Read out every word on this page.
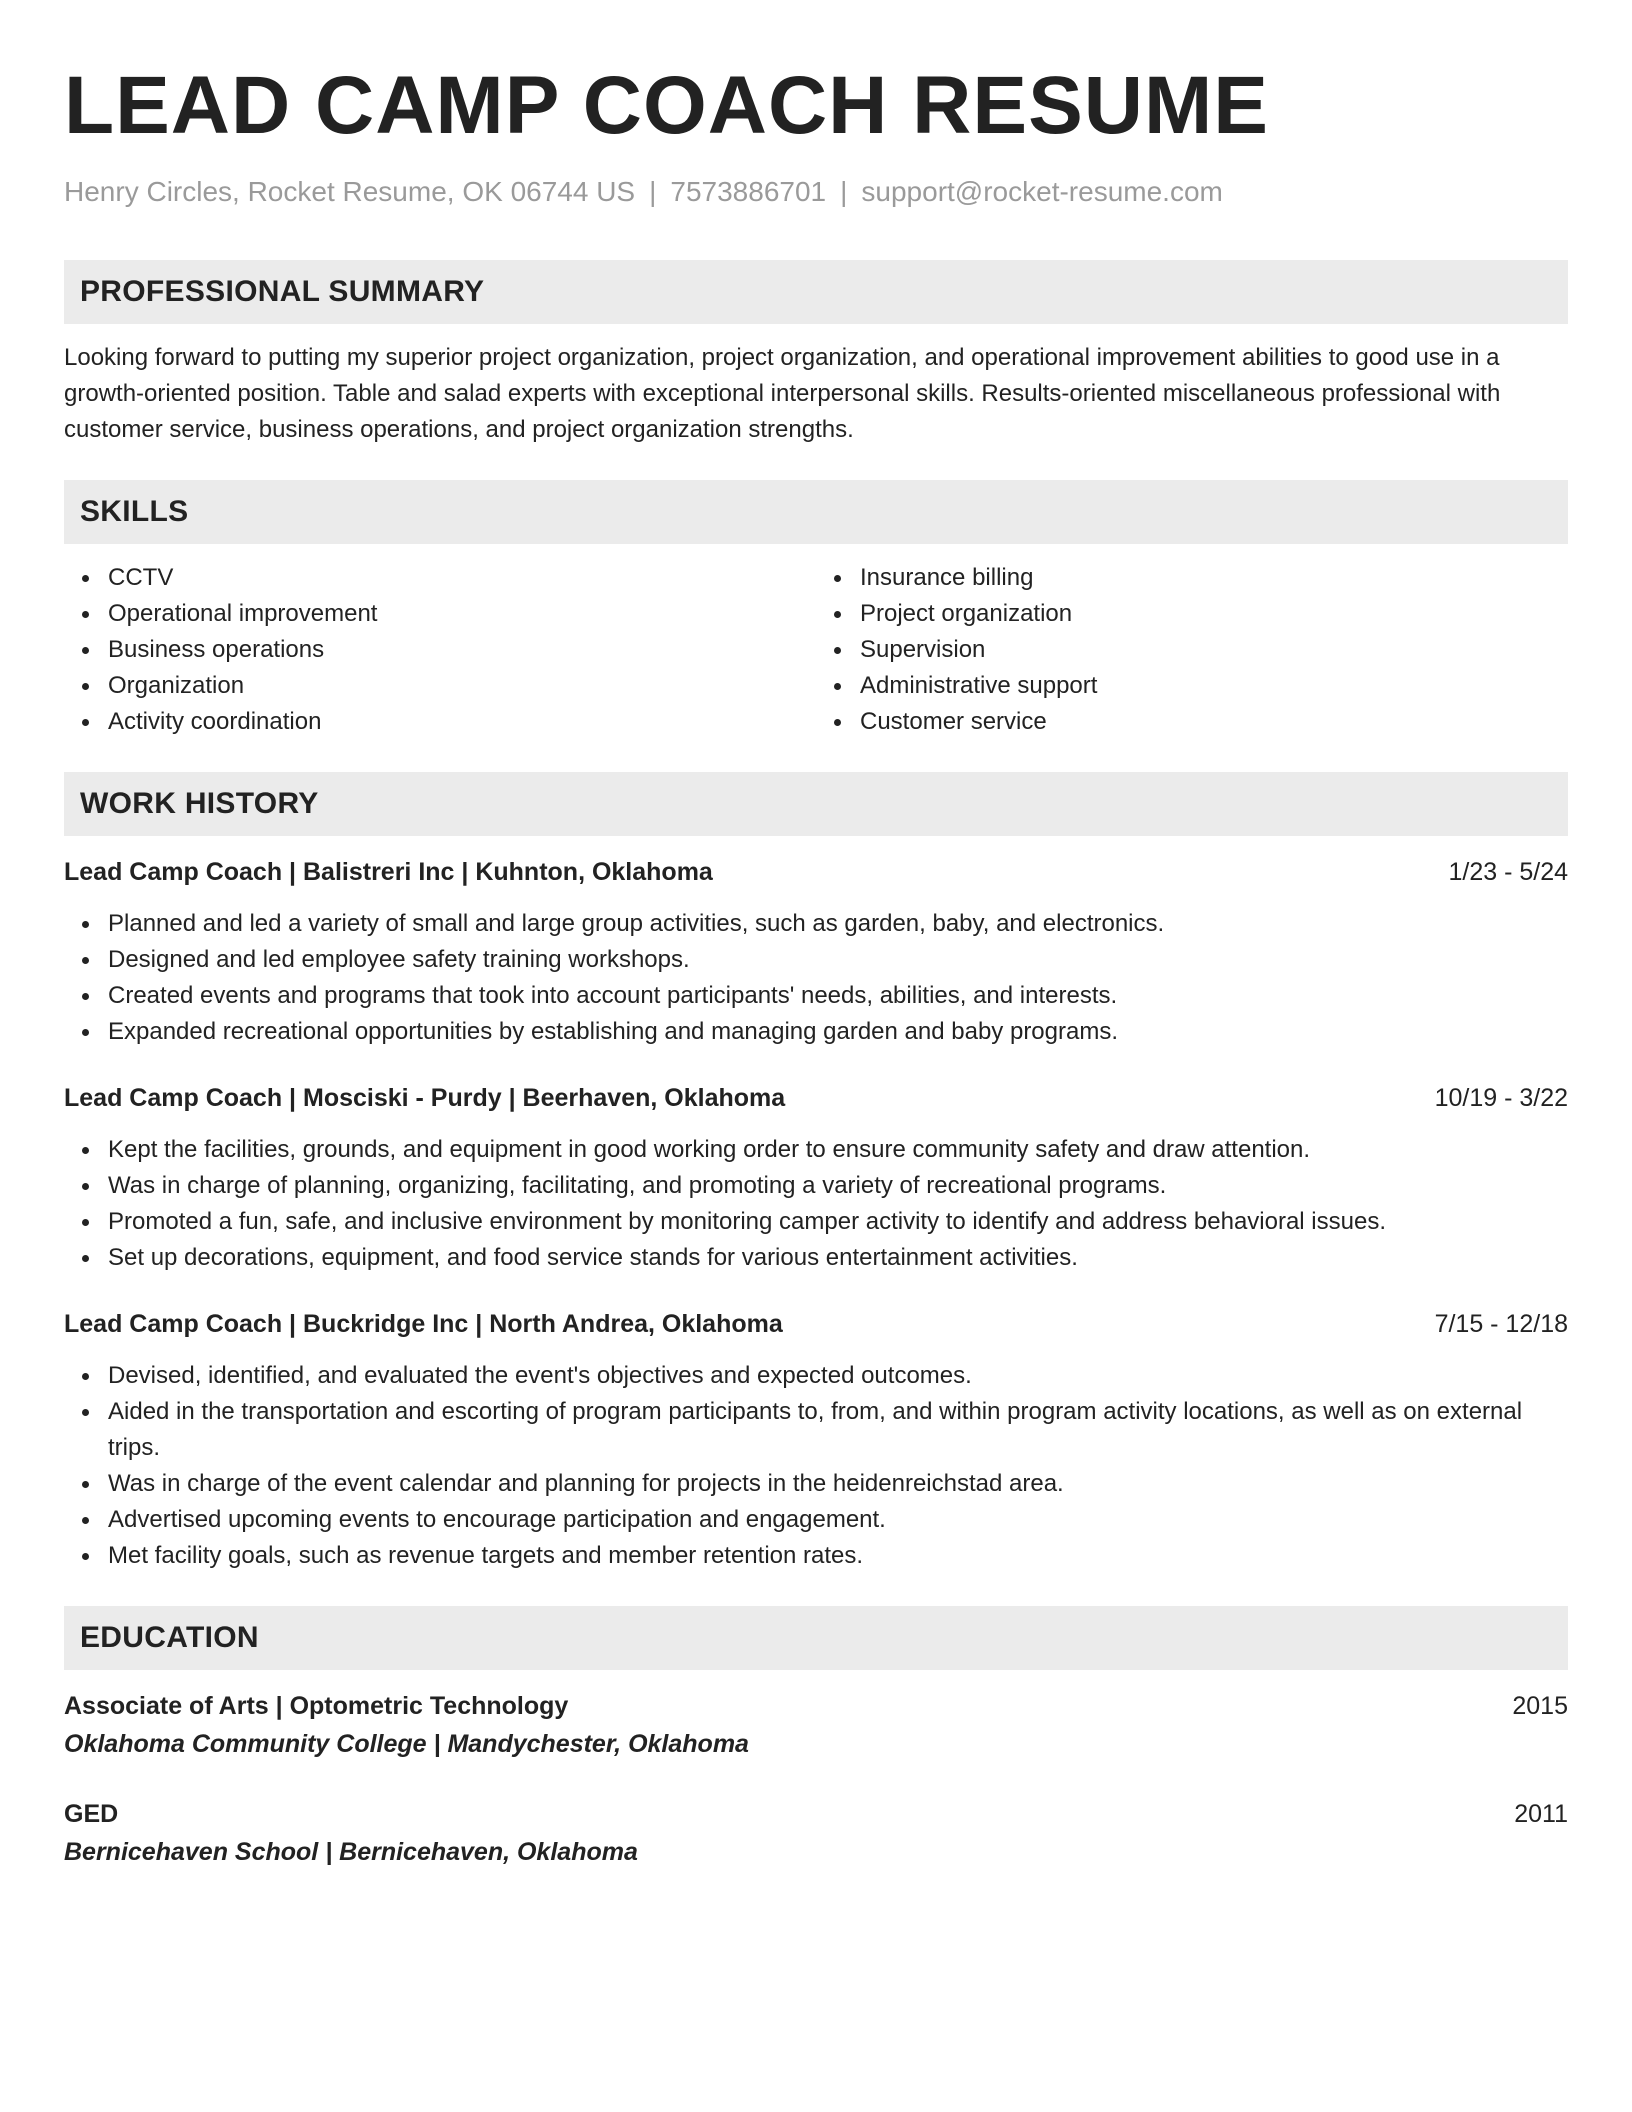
LEAD CAMP COACH RESUME
Henry Circles, Rocket Resume, OK 06744 US | 7573886701 | support@rocket-resume.com
PROFESSIONAL SUMMARY

Looking forward to putting my superior project organization, project organization, and operational improvement abilities to good use in a growth-oriented position. Table and salad experts with exceptional interpersonal skills. Results-oriented miscellaneous professional with customer service, business operations, and project organization strengths.

SKILLS
CCTV
Operational improvement
Business operations
Organization
Activity coordination
Insurance billing
Project organization
Supervision
Administrative support
Customer service
WORK HISTORY
Lead Camp Coach | Balistreri Inc | Kuhnton, Oklahoma	1/23 - 5/24
Planned and led a variety of small and large group activities, such as garden, baby, and electronics.
Designed and led employee safety training workshops.
Created events and programs that took into account participants' needs, abilities, and interests.
Expanded recreational opportunities by establishing and managing garden and baby programs.
Lead Camp Coach | Mosciski - Purdy | Beerhaven, Oklahoma	10/19 - 3/22
Kept the facilities, grounds, and equipment in good working order to ensure community safety and draw attention.
Was in charge of planning, organizing, facilitating, and promoting a variety of recreational programs.
Promoted a fun, safe, and inclusive environment by monitoring camper activity to identify and address behavioral issues.
Set up decorations, equipment, and food service stands for various entertainment activities.
Lead Camp Coach | Buckridge Inc | North Andrea, Oklahoma	7/15 - 12/18
Devised, identified, and evaluated the event's objectives and expected outcomes.
Aided in the transportation and escorting of program participants to, from, and within program activity locations, as well as on external trips.
Was in charge of the event calendar and planning for projects in the heidenreichstad area.
Advertised upcoming events to encourage participation and engagement.
Met facility goals, such as revenue targets and member retention rates.
EDUCATION
Associate of Arts | Optometric Technology	2015
Oklahoma Community College | Mandychester, Oklahoma
GED	2011
Bernicehaven School | Bernicehaven, Oklahoma
